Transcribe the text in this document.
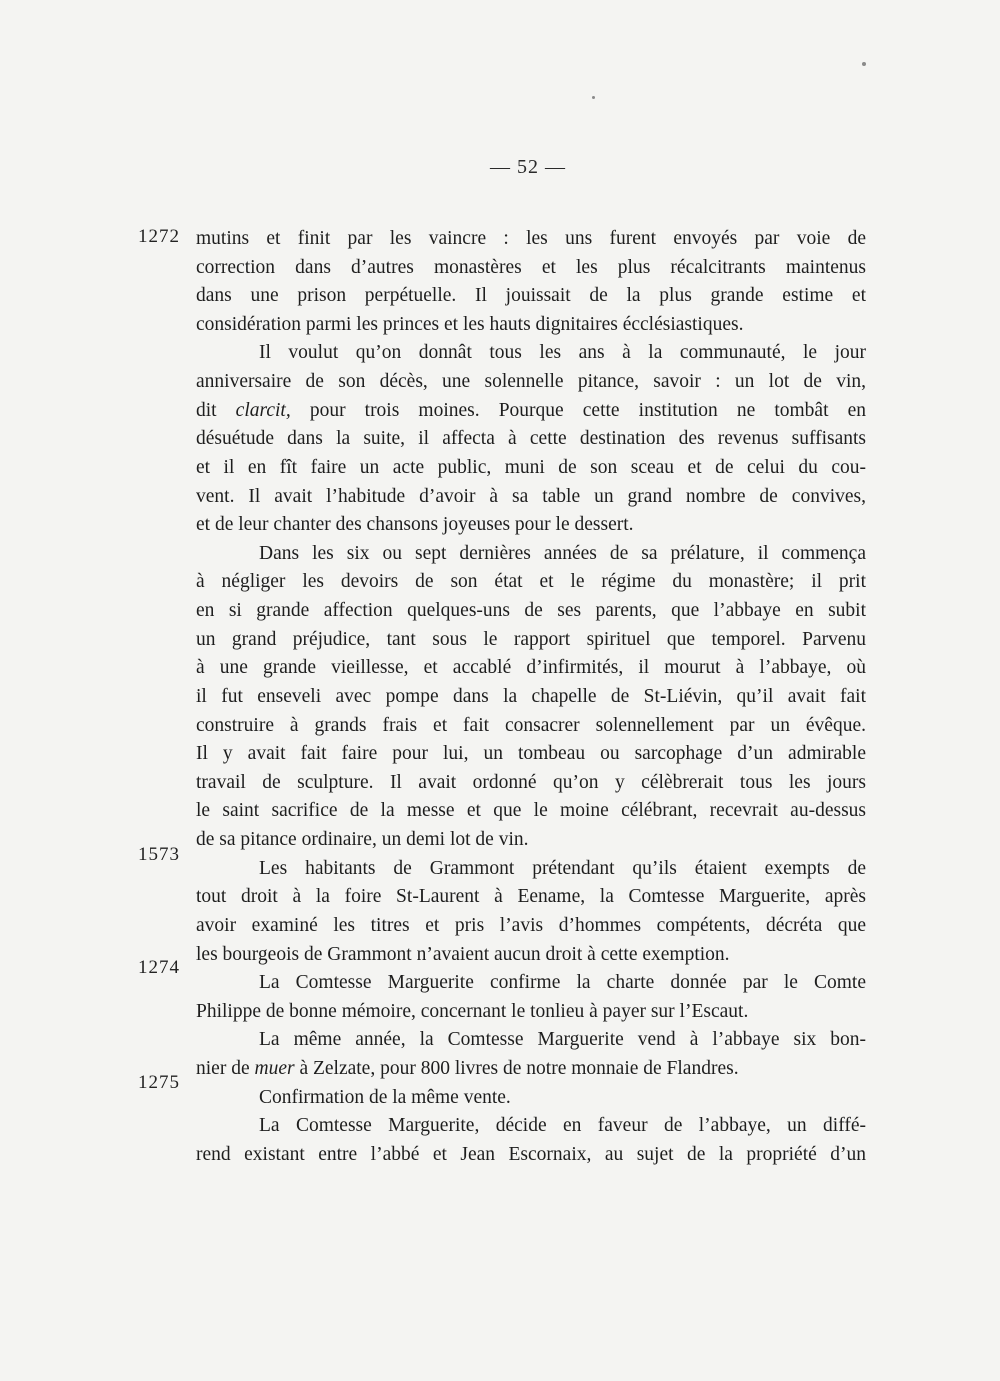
— 52 —
1272
1573
1274
1275
mutins et finit par les vaincre : les uns furent envoyés par voie de
correction dans d’autres monastères et les plus récalcitrants maintenus
dans une prison perpétuelle. Il jouissait de la plus grande estime et
considération parmi les princes et les hauts dignitaires écclésiastiques.
Il voulut qu’on donnât tous les ans à la communauté, le jour
anniversaire de son décès, une solennelle pitance, savoir : un lot de vin,
dit clarcit, pour trois moines. Pourque cette institution ne tombât en
désuétude dans la suite, il affecta à cette destination des revenus suffisants
et il en fît faire un acte public, muni de son sceau et de celui du cou-
vent. Il avait l’habitude d’avoir à sa table un grand nombre de convives,
et de leur chanter des chansons joyeuses pour le dessert.
Dans les six ou sept dernières années de sa prélature, il commença
à négliger les devoirs de son état et le régime du monastère; il prit
en si grande affection quelques-uns de ses parents, que l’abbaye en subit
un grand préjudice, tant sous le rapport spirituel que temporel. Parvenu
à une grande vieillesse, et accablé d’infirmités, il mourut à l’abbaye, où
il fut enseveli avec pompe dans la chapelle de St-Liévin, qu’il avait fait
construire à grands frais et fait consacrer solennellement par un évêque.
Il y avait fait faire pour lui, un tombeau ou sarcophage d’un admirable
travail de sculpture. Il avait ordonné qu’on y célèbrerait tous les jours
le saint sacrifice de la messe et que le moine célébrant, recevrait au-dessus
de sa pitance ordinaire, un demi lot de vin.
Les habitants de Grammont prétendant qu’ils étaient exempts de
tout droit à la foire St-Laurent à Eename, la Comtesse Marguerite, après
avoir examiné les titres et pris l’avis d’hommes compétents, décréta que
les bourgeois de Grammont n’avaient aucun droit à cette exemption.
La Comtesse Marguerite confirme la charte donnée par le Comte
Philippe de bonne mémoire, concernant le tonlieu à payer sur l’Escaut.
La même année, la Comtesse Marguerite vend à l’abbaye six bon-
nier de muer à Zelzate, pour 800 livres de notre monnaie de Flandres.
Confirmation de la même vente.
La Comtesse Marguerite, décide en faveur de l’abbaye, un diffé-
rend existant entre l’abbé et Jean Escornaix, au sujet de la propriété d’un
